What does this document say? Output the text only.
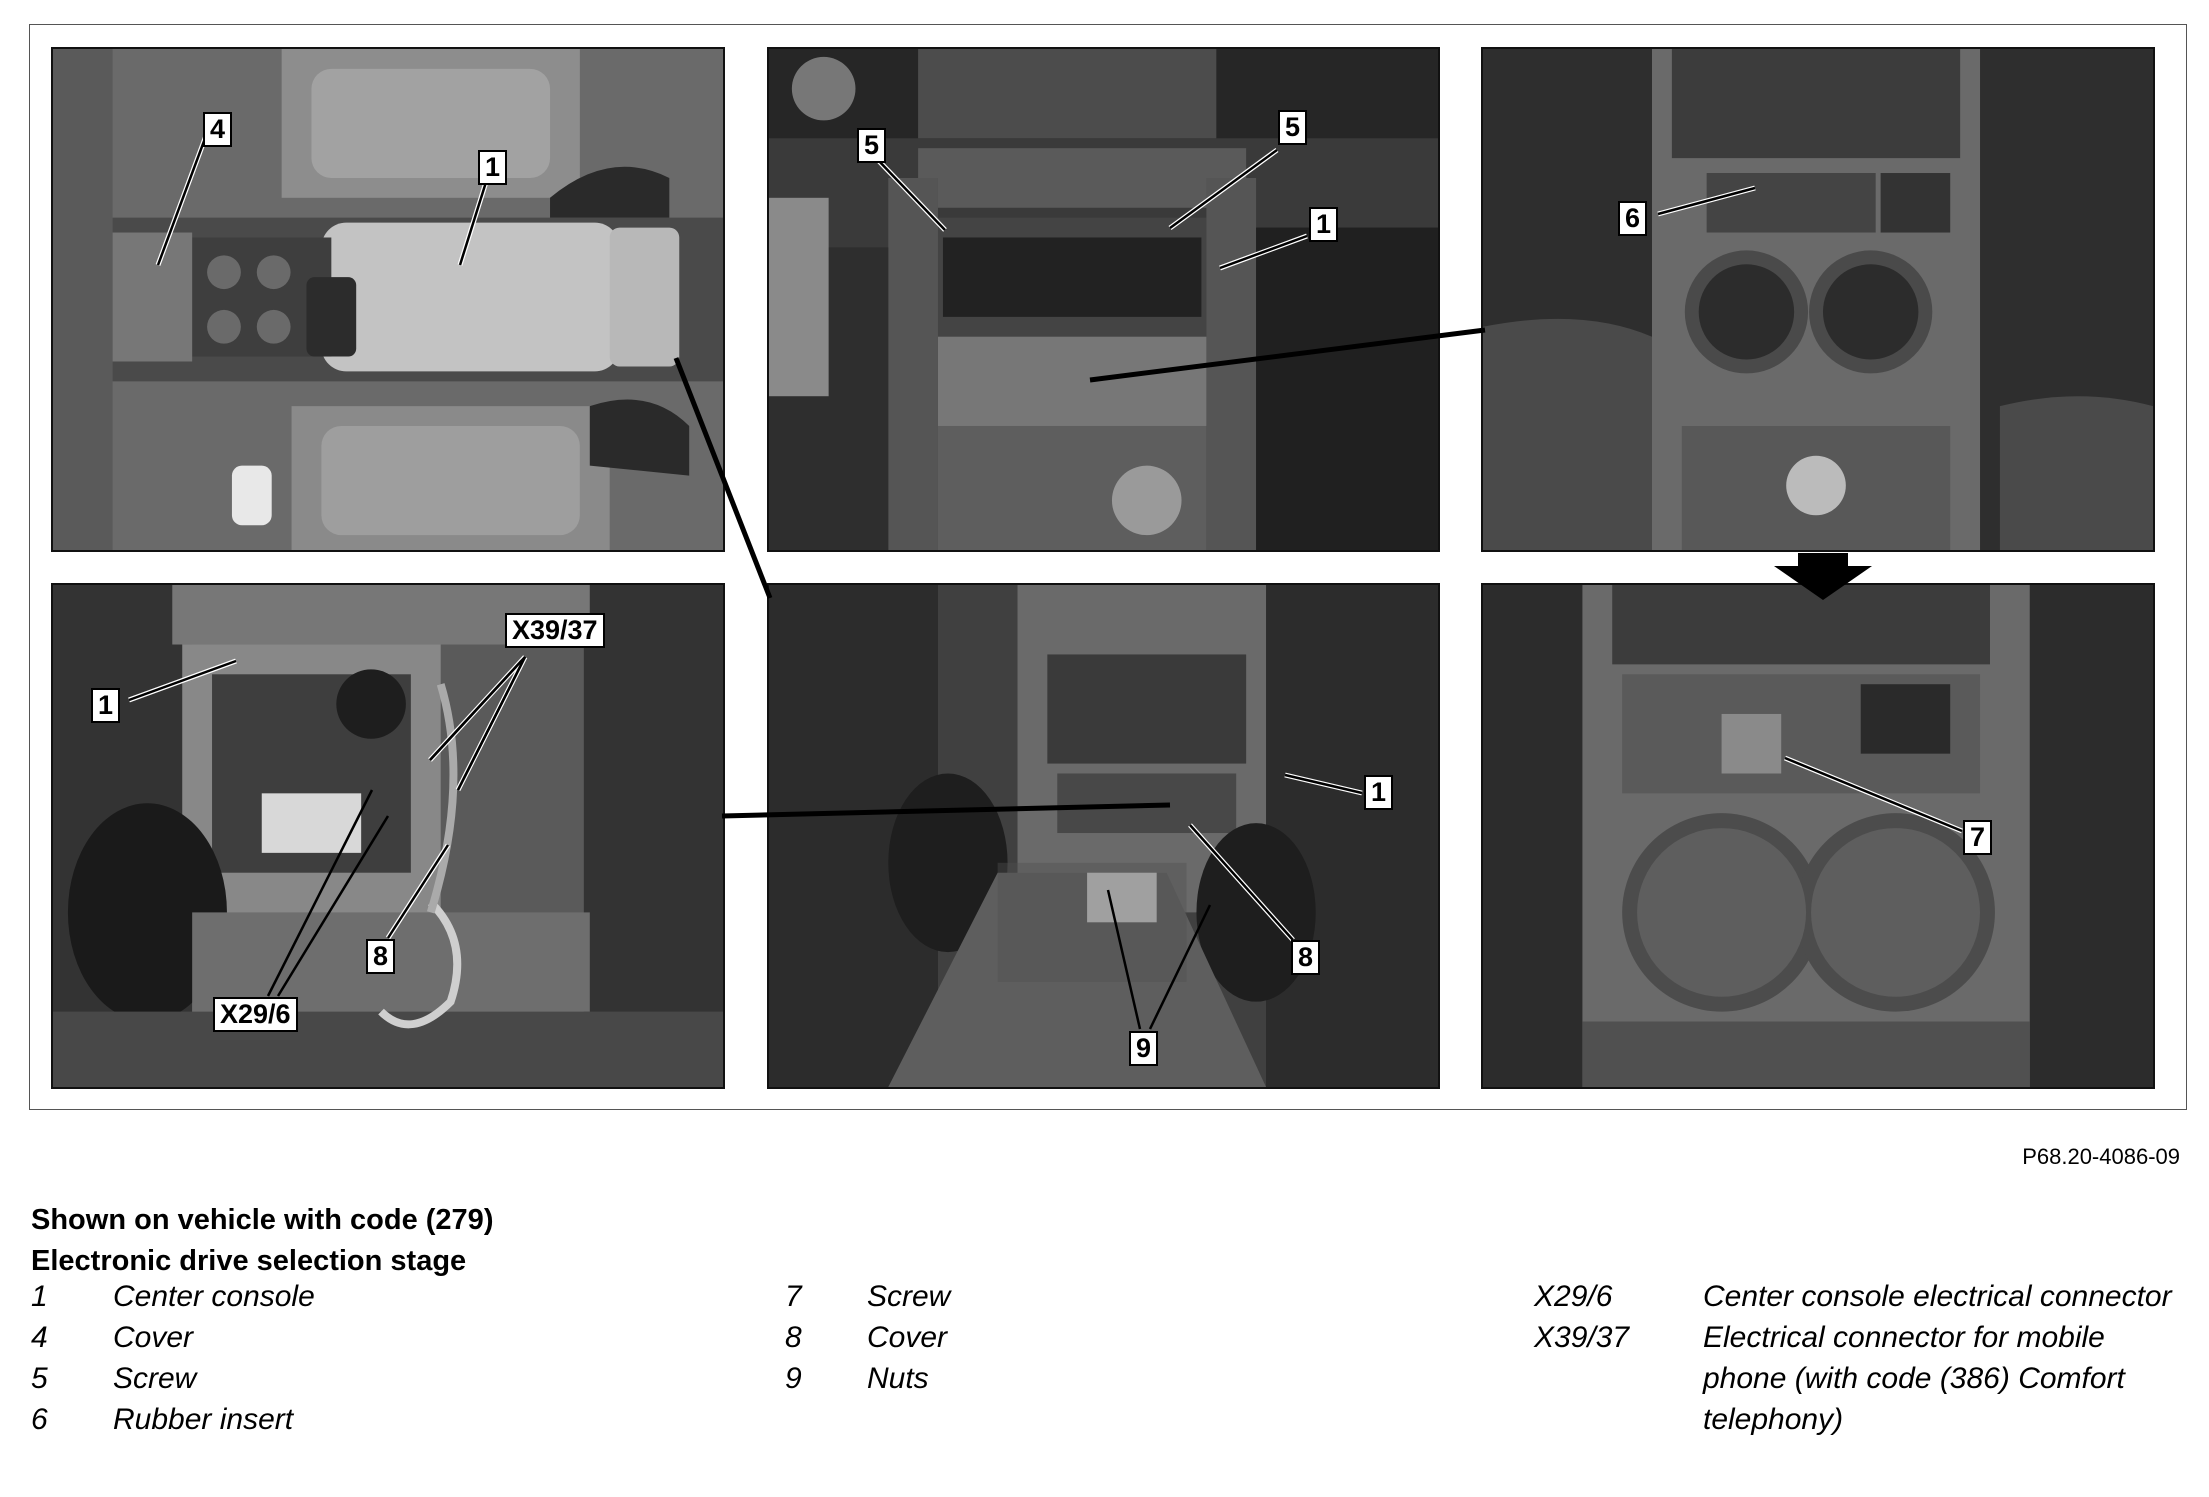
4
1
5
5
1	6
X39/37
1
8
X29/6
1
8
9
7
P68.20-4086-09
Shown on vehicle with code (279)
Electronic drive selection stage
1	Center console
4	Cover
5	Screw
6	Rubber insert
7	Screw
8	Cover
9	Nuts
X29/6	Center console electrical connector
X39/37	Electrical connector for mobile phone (with code (386) Comfort telephony)
